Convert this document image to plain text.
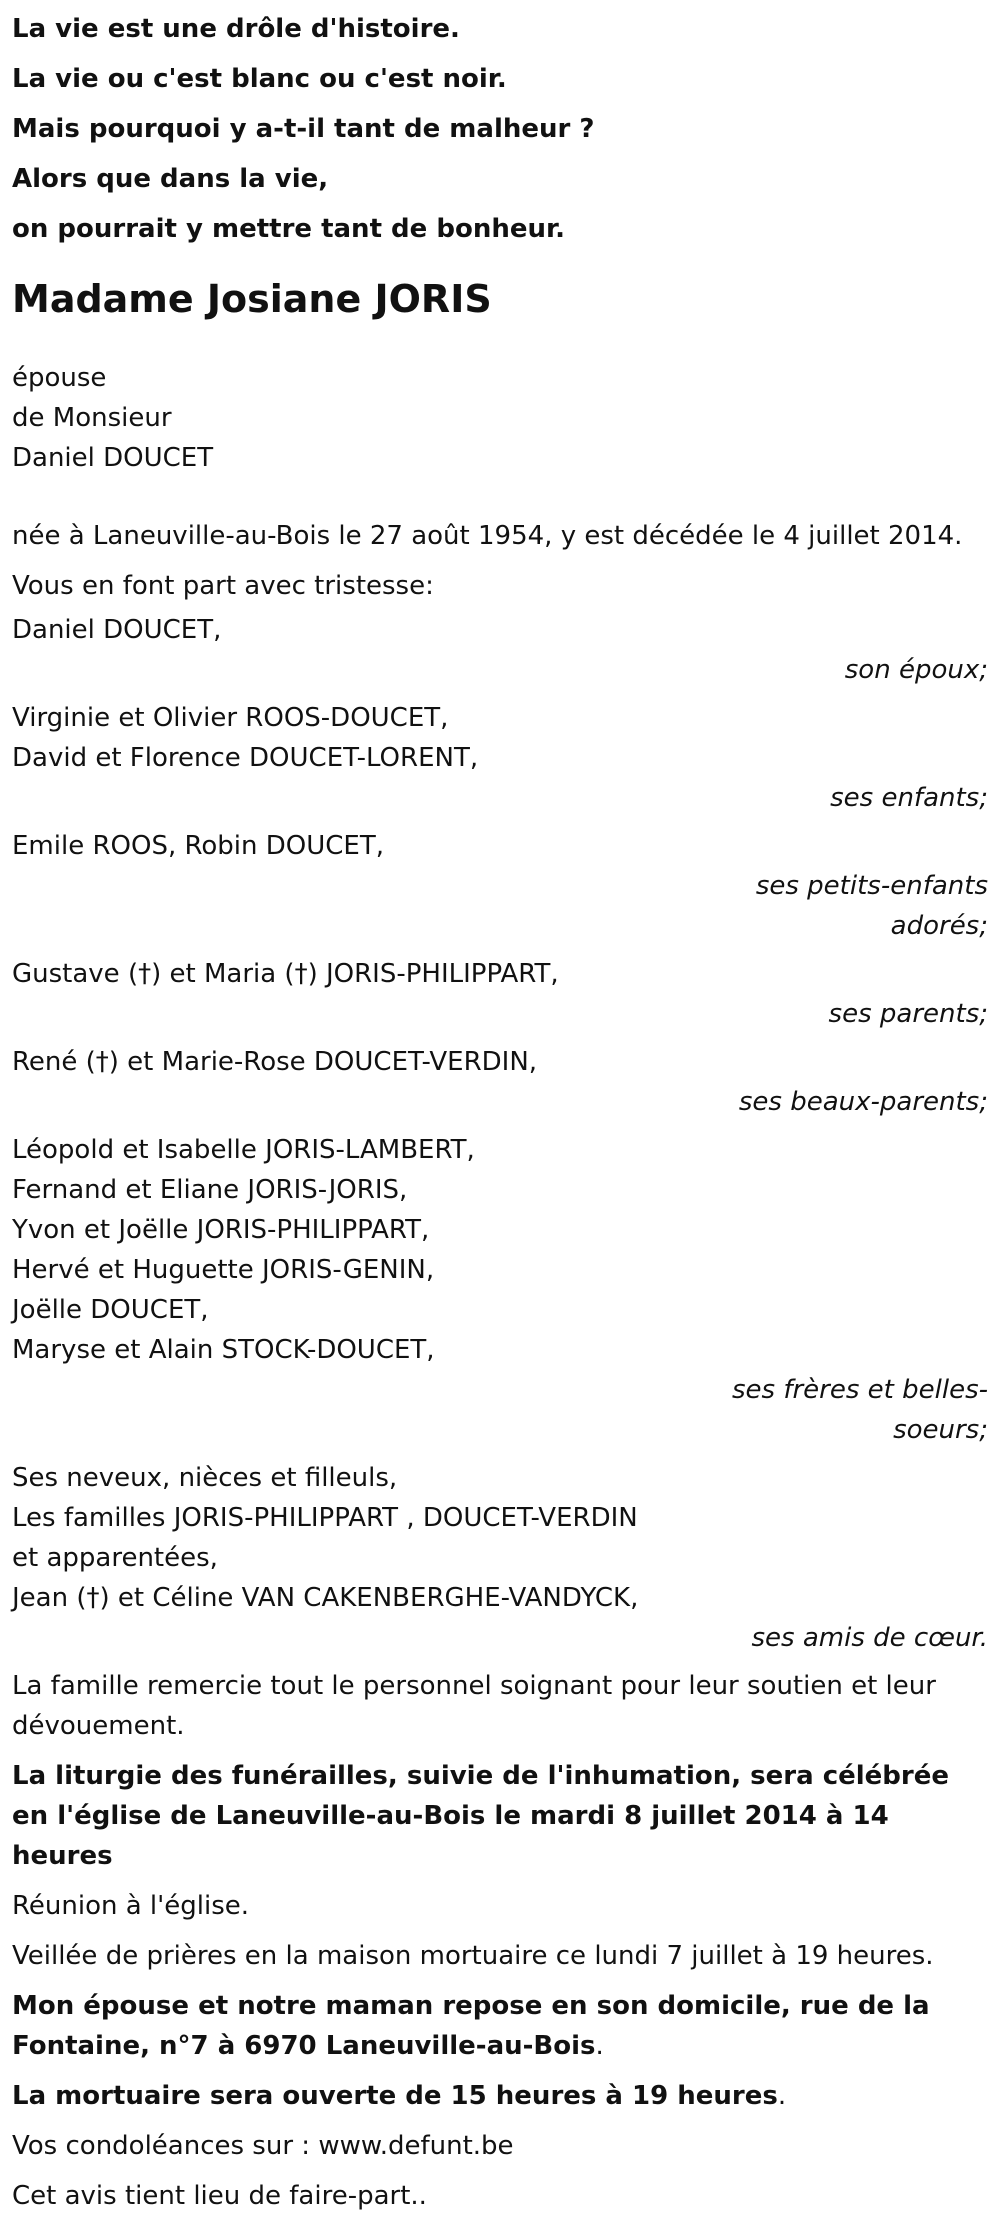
La vie est une drôle d'histoire.
La vie ou c'est blanc ou c'est noir.
Mais pourquoi y a-t-il tant de malheur ?
Alors que dans la vie,
on pourrait y mettre tant de bonheur.
Madame Josiane JORIS
épouse
de Monsieur
Daniel DOUCET

née à Laneuville-au-Bois le 27 août 1954, y est décédée le 4 juillet 2014.

Vous en font part avec tristesse:

Daniel DOUCET,
son époux;
Virginie et Olivier ROOS-DOUCET,
David et Florence DOUCET-LORENT,
ses enfants;
Emile ROOS, Robin DOUCET,
ses petits-enfants adorés;
Gustave (†) et Maria (†) JORIS-PHILIPPART,
ses parents;
René (†) et Marie-Rose DOUCET-VERDIN,
ses beaux-parents;
Léopold et Isabelle JORIS-LAMBERT,
Fernand et Eliane JORIS-JORIS,
Yvon et Joëlle JORIS-PHILIPPART,
Hervé et Huguette JORIS-GENIN,
Joëlle DOUCET,
Maryse et Alain STOCK-DOUCET,
ses frères et belles-soeurs;
Ses neveux, nièces et filleuls,
Les familles JORIS-PHILIPPART , DOUCET-VERDIN
et apparentées,
Jean (†) et Céline VAN CAKENBERGHE-VANDYCK,
ses amis de cœur.

La famille remercie tout le personnel soignant pour leur soutien et leur dévouement.

La liturgie des funérailles, suivie de l'inhumation, sera célébrée en l'église de Laneuville-au-Bois le mardi 8 juillet 2014 à 14 heures

Réunion à l'église.

Veillée de prières en la maison mortuaire ce lundi 7 juillet à 19 heures.

Mon épouse et notre maman repose en son domicile, rue de la Fontaine, n°7 à 6970 Laneuville-au-Bois.

La mortuaire sera ouverte de 15 heures à 19 heures.

Vos condoléances sur : www.defunt.be

Cet avis tient lieu de faire-part..
